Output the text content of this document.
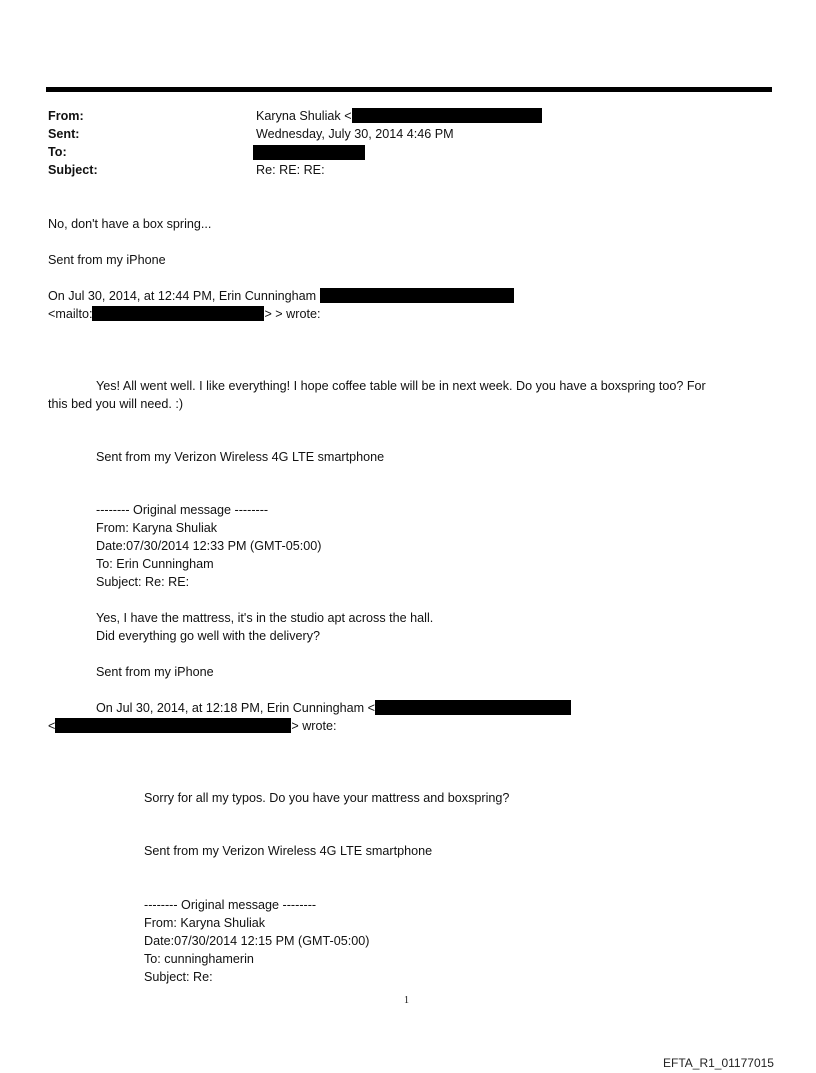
From:	Karyna Shuliak <
Sent:	Wednesday, July 30, 2014 4:46 PM
To:
Subject:	Re: RE: RE:
No, don't have a box spring...
Sent from my iPhone
On Jul 30, 2014, at 12:44 PM, Erin Cunningham
<mailto:	> > wrote:
Yes! All went well. I like everything! I hope coffee table will be in next week. Do you have a boxspring too? For
this bed you will need. :)
Sent from my Verizon Wireless 4G LTE smartphone
-------- Original message --------
From: Karyna Shuliak
Date:07/30/2014 12:33 PM (GMT-05:00)
To: Erin Cunningham
Subject: Re: RE:
Yes, I have the mattress, it's in the studio apt across the hall.
Did everything go well with the delivery?
Sent from my iPhone
On Jul 30, 2014, at 12:18 PM, Erin Cunningham <
<	> wrote:
Sorry for all my typos. Do you have your mattress and boxspring?
Sent from my Verizon Wireless 4G LTE smartphone
-------- Original message --------
From: Karyna Shuliak
Date:07/30/2014 12:15 PM (GMT-05:00)
To: cunninghamerin
Subject: Re:
1
EFTA_R1_01177015
